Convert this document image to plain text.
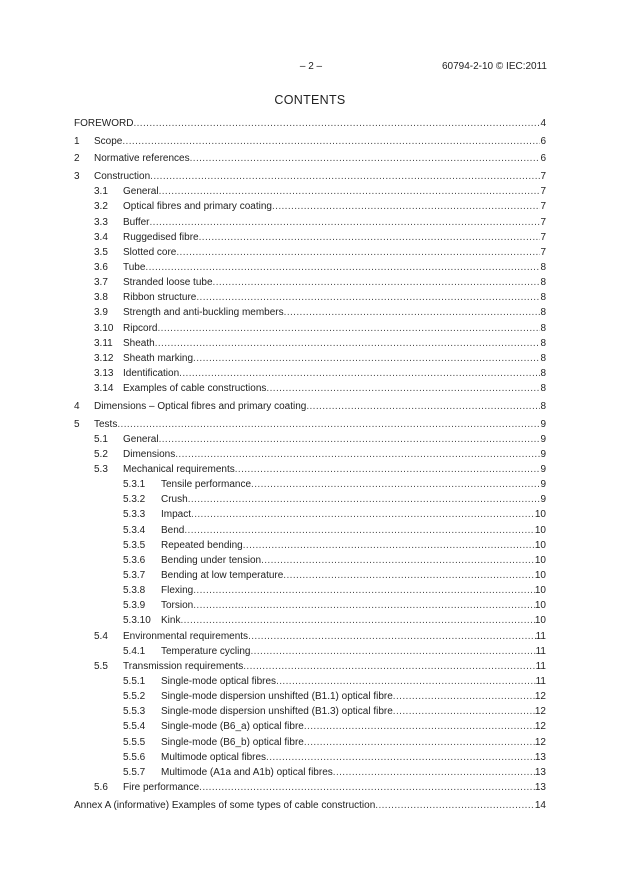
– 2 –	60794-2-10 © IEC:2011
CONTENTS
FOREWORD .....	4
1	Scope .....	6
2	Normative references .....	6
3	Construction .....	7
3.1	General .....	7
3.2	Optical fibres and primary coating .....	7
3.3	Buffer .....	7
3.4	Ruggedised fibre .....	7
3.5	Slotted core .....	7
3.6	Tube .....	8
3.7	Stranded loose tube .....	8
3.8	Ribbon structure .....	8
3.9	Strength and anti-buckling members .....	8
3.10 Ripcord .....	8
3.11	Sheath .....	8
3.12 Sheath marking .....	8
3.13 Identification .....	8
3.14 Examples of cable constructions .....	8
4	Dimensions – Optical fibres and primary coating .....	8
5	Tests .....	9
5.1	General .....	9
5.2	Dimensions .....	9
5.3	Mechanical requirements .....	9
5.3.1	Tensile performance .....	9
5.3.2	Crush .....	9
5.3.3	Impact .....	10
5.3.4	Bend .....	10
5.3.5	Repeated bending .....	10
5.3.6	Bending under tension .....	10
5.3.7	Bending at low temperature .....	10
5.3.8	Flexing .....	10
5.3.9	Torsion .....	10
5.3.10	Kink .....	10
5.4	Environmental requirements .....	11
5.4.1	Temperature cycling .....	11
5.5	Transmission requirements .....	11
5.5.1	Single-mode optical fibres .....	11
5.5.2	Single-mode dispersion unshifted (B1.1) optical fibre .....	12
5.5.3	Single-mode dispersion unshifted (B1.3) optical fibre .....	12
5.5.4	Single-mode (B6_a) optical fibre .....	12
5.5.5	Single-mode (B6_b) optical fibre .....	12
5.5.6	Multimode optical fibres .....	13
5.5.7	Multimode (A1a and A1b) optical fibres .....	13
5.6	Fire performance .....	13
Annex A (informative) Examples of some types of cable construction .....	14
